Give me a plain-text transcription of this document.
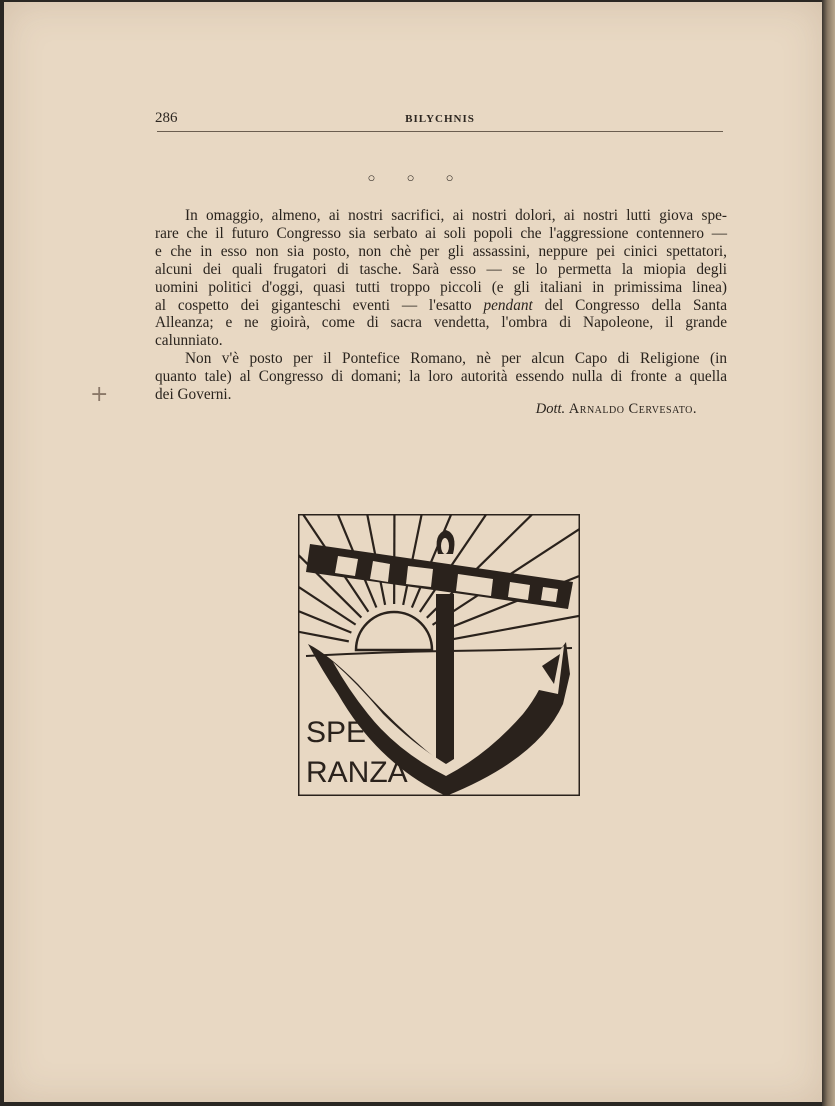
286	BILYCHNIS
○ ○ ○
In omaggio, almeno, ai nostri sacrifici, ai nostri dolori, ai nostri lutti giova spe-
rare che il futuro Congresso sia serbato ai soli popoli che l'aggressione contennero —
e che in esso non sia posto, non chè per gli assassini, neppure pei cinici spettatori,
alcuni dei quali frugatori di tasche. Sarà esso — se lo permetta la miopia degli
uomini politici d'oggi, quasi tutti troppo piccoli (e gli italiani in primissima linea)
al cospetto dei giganteschi eventi — l'esatto pendant del Congresso della Santa
Alleanza; e ne gioirà, come di sacra vendetta, l'ombra di Napoleone, il grande
calunniato.
Non v'è posto per il Pontefice Romano, nè per alcun Capo di Religione (in
quanto tale) al Congresso di domani; la loro autorità essendo nulla di fronte a quella
dei Governi.
Dott. Arnaldo Cervesato.
+
SPE-
RANZA
